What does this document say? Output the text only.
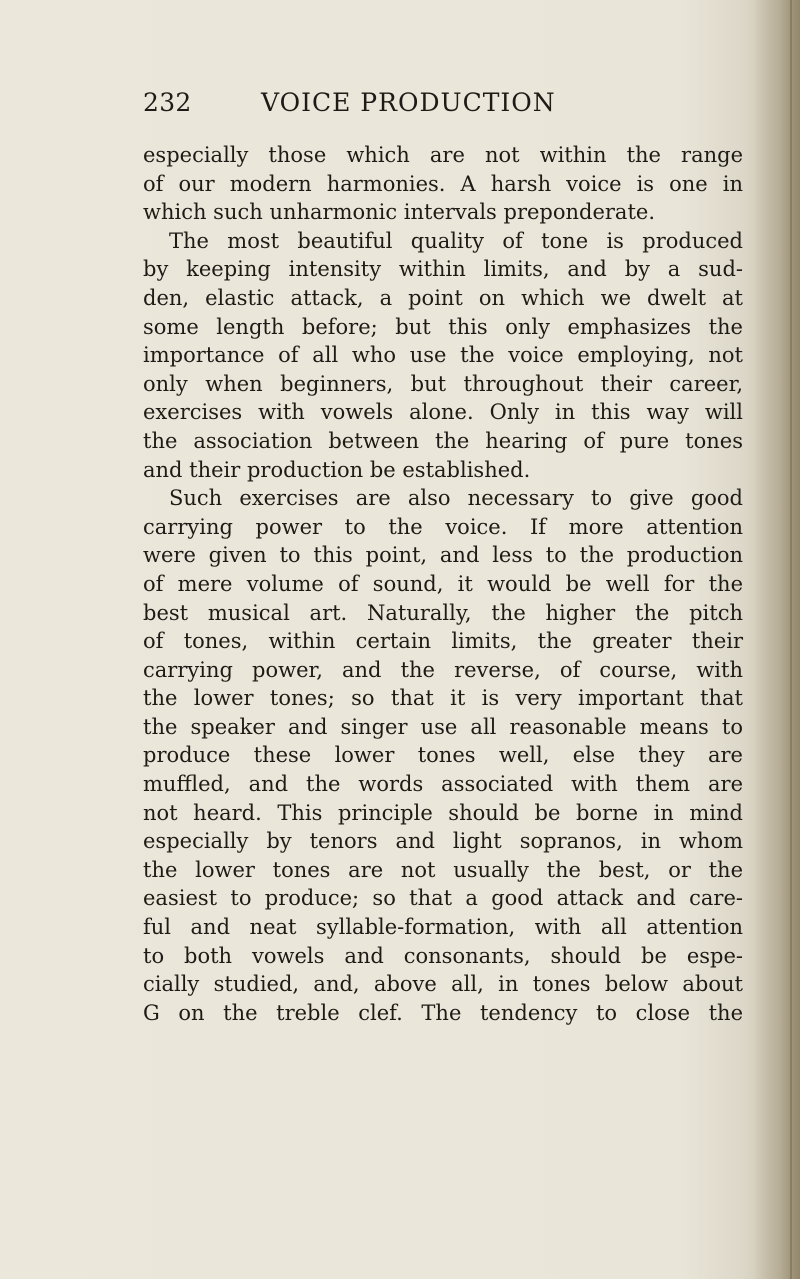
232	VOICE PRODUCTION
especially those which are not within the range
of our modern harmonies. A harsh voice is one in
which such unharmonic intervals preponderate.
The most beautiful quality of tone is produced
by keeping intensity within limits, and by a sud-
den, elastic attack, a point on which we dwelt at
some length before; but this only emphasizes the
importance of all who use the voice employing, not
only when beginners, but throughout their career,
exercises with vowels alone. Only in this way will
the association between the hearing of pure tones
and their production be established.
Such exercises are also necessary to give good
carrying power to the voice. If more attention
were given to this point, and less to the production
of mere volume of sound, it would be well for the
best musical art. Naturally, the higher the pitch
of tones, within certain limits, the greater their
carrying power, and the reverse, of course, with
the lower tones; so that it is very important that
the speaker and singer use all reasonable means to
produce these lower tones well, else they are
muffled, and the words associated with them are
not heard. This principle should be borne in mind
especially by tenors and light sopranos, in whom
the lower tones are not usually the best, or the
easiest to produce; so that a good attack and care-
ful and neat syllable-formation, with all attention
to both vowels and consonants, should be espe-
cially studied, and, above all, in tones below about
G on the treble clef. The tendency to close the
